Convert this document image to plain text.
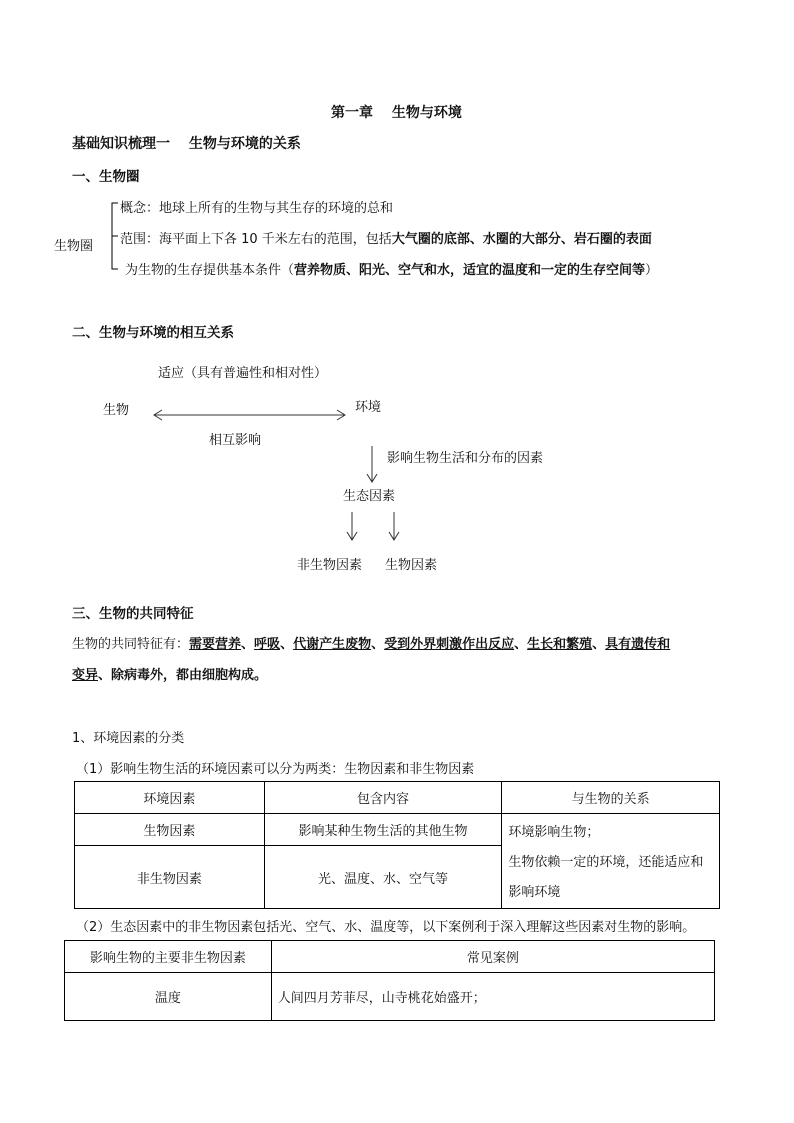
第一章　 生物与环境
基础知识梳理一　 生物与环境的关系
一、生物圈
生物圈
概念：地球上所有的生物与其生存的环境的总和
范围：海平面上下各 10 千米左右的范围，包括大气圈的底部、水圈的大部分、岩石圈的表面
为生物的生存提供基本条件（营养物质、阳光、空气和水，适宜的温度和一定的生存空间等）
二、生物与环境的相互关系
适应（具有普遍性和相对性）
生物	环境
相互影响
影响生物生活和分布的因素
生态因素
非生物因素 生物因素
三、生物的共同特征
生物的共同特征有：需要营养、呼吸、代谢产生废物、受到外界刺激作出反应、生长和繁殖、具有遗传和
变异、除病毒外，都由细胞构成。
1、环境因素的分类
（1）影响生物生活的环境因素可以分为两类：生物因素和非生物因素
环境因素	包含内容	与生物的关系
生物因素	影响某种生物生活的其他生物	环境影响生物；
生物依赖一定的环境，还能适应和
影响环境

非生物因素	光、温度、水、空气等	
（2）生态因素中的非生物因素包括光、空气、水、温度等，以下案例利于深入理解这些因素对生物的影响。
影响生物的主要非生物因素	常见案例
温度	人间四月芳菲尽，山寺桃花始盛开；
